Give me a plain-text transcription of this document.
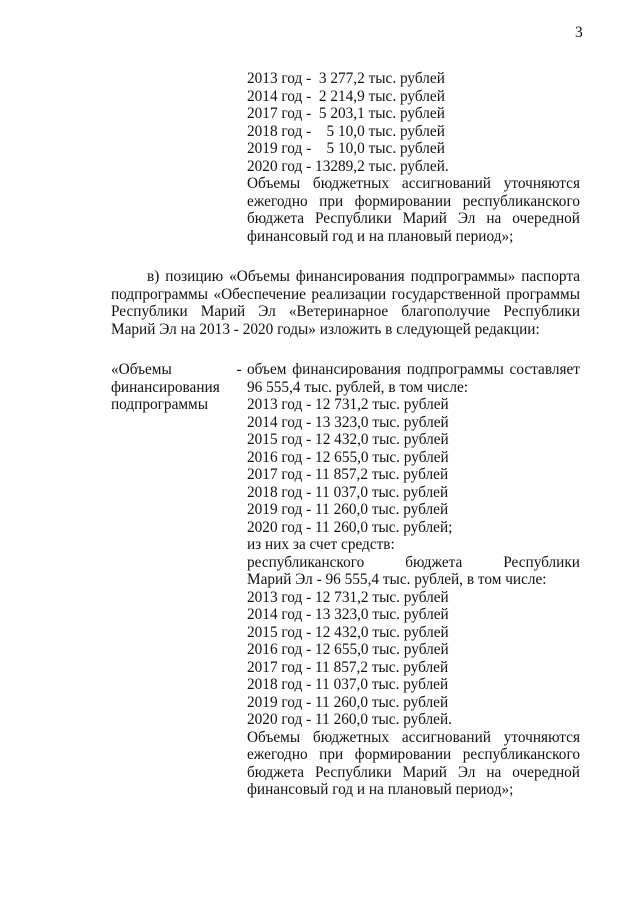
3
2013 год -  3 277,2 тыс. рублей
2014 год -  2 214,9 тыс. рублей
2017 год -  5 203,1 тыс. рублей
2018 год -    5 10,0 тыс. рублей
2019 год -    5 10,0 тыс. рублей
2020 год - 13289,2 тыс. рублей.
Объемы бюджетных ассигнований уточняются
ежегодно при формировании республиканского
бюджета Республики Марий Эл на очередной
финансовый год и на плановый период»;
в) позицию «Объемы финансирования подпрограммы» паспорта
подпрограммы «Обеспечение реализации государственной программы
Республики Марий Эл «Ветеринарное благополучие Республики
Марий Эл на 2013 - 2020 годы» изложить в следующей редакции:
«Объемы
финансирования
подпрограммы
- объем финансирования подпрограммы составляет
96 555,4 тыс. рублей, в том числе:
2013 год - 12 731,2 тыс. рублей
2014 год - 13 323,0 тыс. рублей
2015 год - 12 432,0 тыс. рублей
2016 год - 12 655,0 тыс. рублей
2017 год - 11 857,2 тыс. рублей
2018 год - 11 037,0 тыс. рублей
2019 год - 11 260,0 тыс. рублей
2020 год - 11 260,0 тыс. рублей;
из них за счет средств:
республиканского бюджета Республики
Марий Эл - 96 555,4 тыс. рублей, в том числе:
2013 год - 12 731,2 тыс. рублей
2014 год - 13 323,0 тыс. рублей
2015 год - 12 432,0 тыс. рублей
2016 год - 12 655,0 тыс. рублей
2017 год - 11 857,2 тыс. рублей
2018 год - 11 037,0 тыс. рублей
2019 год - 11 260,0 тыс. рублей
2020 год - 11 260,0 тыс. рублей.
Объемы бюджетных ассигнований уточняются
ежегодно при формировании республиканского
бюджета Республики Марий Эл на очередной
финансовый год и на плановый период»;
